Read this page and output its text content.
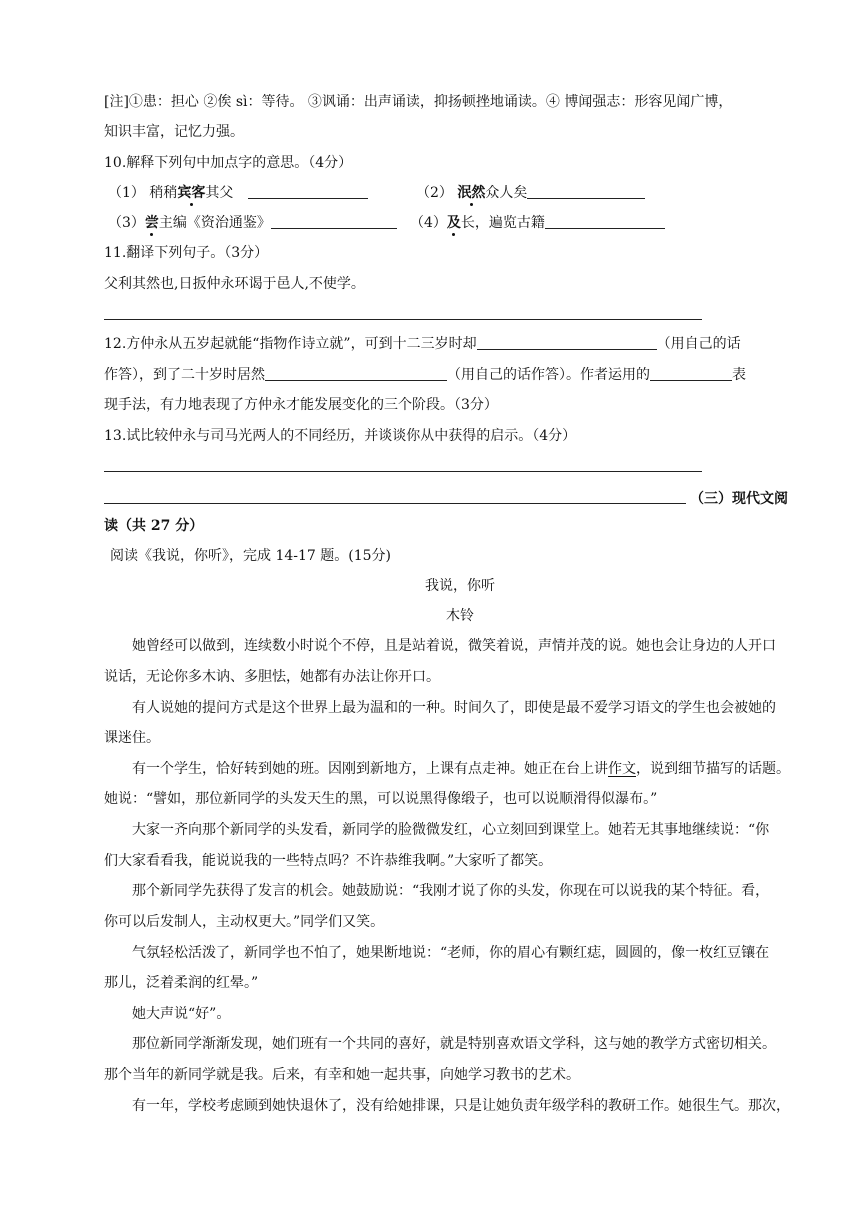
[注]①患：担心 ②俟 sì：等待。 ③讽诵：出声诵读，抑扬顿挫地诵读。④ 博闻强志：形容见闻广博，
知识丰富，记忆力强。
10.解释下列句中加点字的意思。（4分）
（1） 稍稍宾客其父	（2） 泯然众人矣
（3）尝主编《资治通鉴》	（4）及长，遍览古籍
11.翻译下列句子。（3分）
父利其然也,日扳仲永环谒于邑人,不使学。
12.方仲永从五岁起就能“指物作诗立就”，可到十二三岁时却	（用自己的话
作答），到了二十岁时居然	（用自己的话作答）。作者运用的	表
现手法，有力地表现了方仲永才能发展变化的三个阶段。（3分）
13.试比较仲永与司马光两人的不同经历，并谈谈你从中获得的启示。（4分）
（三）现代文阅
读（共 27 分）
阅读《我说，你听》，完成 14-17 题。(15分)
我说，你听
木铃
她曾经可以做到，连续数小时说个不停，且是站着说，微笑着说，声情并茂的说。她也会让身边的人开口
说话，无论你多木讷、多胆怯，她都有办法让你开口。
有人说她的提问方式是这个世界上最为温和的一种。时间久了，即使是最不爱学习语文的学生也会被她的
课迷住。
有一个学生，恰好转到她的班。因刚到新地方，上课有点走神。她正在台上讲作文，说到细节描写的话题。
她说：“譬如，那位新同学的头发天生的黑，可以说黑得像缎子，也可以说顺滑得似瀑布。”
大家一齐向那个新同学的头发看，新同学的脸微微发红，心立刻回到课堂上。她若无其事地继续说：“你
们大家看看我，能说说我的一些特点吗？不许恭维我啊。”大家听了都笑。
那个新同学先获得了发言的机会。她鼓励说：“我刚才说了你的头发，你现在可以说我的某个特征。看，
你可以后发制人，主动权更大。”同学们又笑。
气氛轻松活泼了，新同学也不怕了，她果断地说：“老师，你的眉心有颗红痣，圆圆的，像一枚红豆镶在
那儿，泛着柔润的红晕。”
她大声说“好”。
那位新同学渐渐发现，她们班有一个共同的喜好，就是特别喜欢语文学科，这与她的教学方式密切相关。
那个当年的新同学就是我。后来，有幸和她一起共事，向她学习教书的艺术。
有一年，学校考虑顾到她快退休了，没有给她排课，只是让她负责年级学科的教研工作。她很生气。那次，
